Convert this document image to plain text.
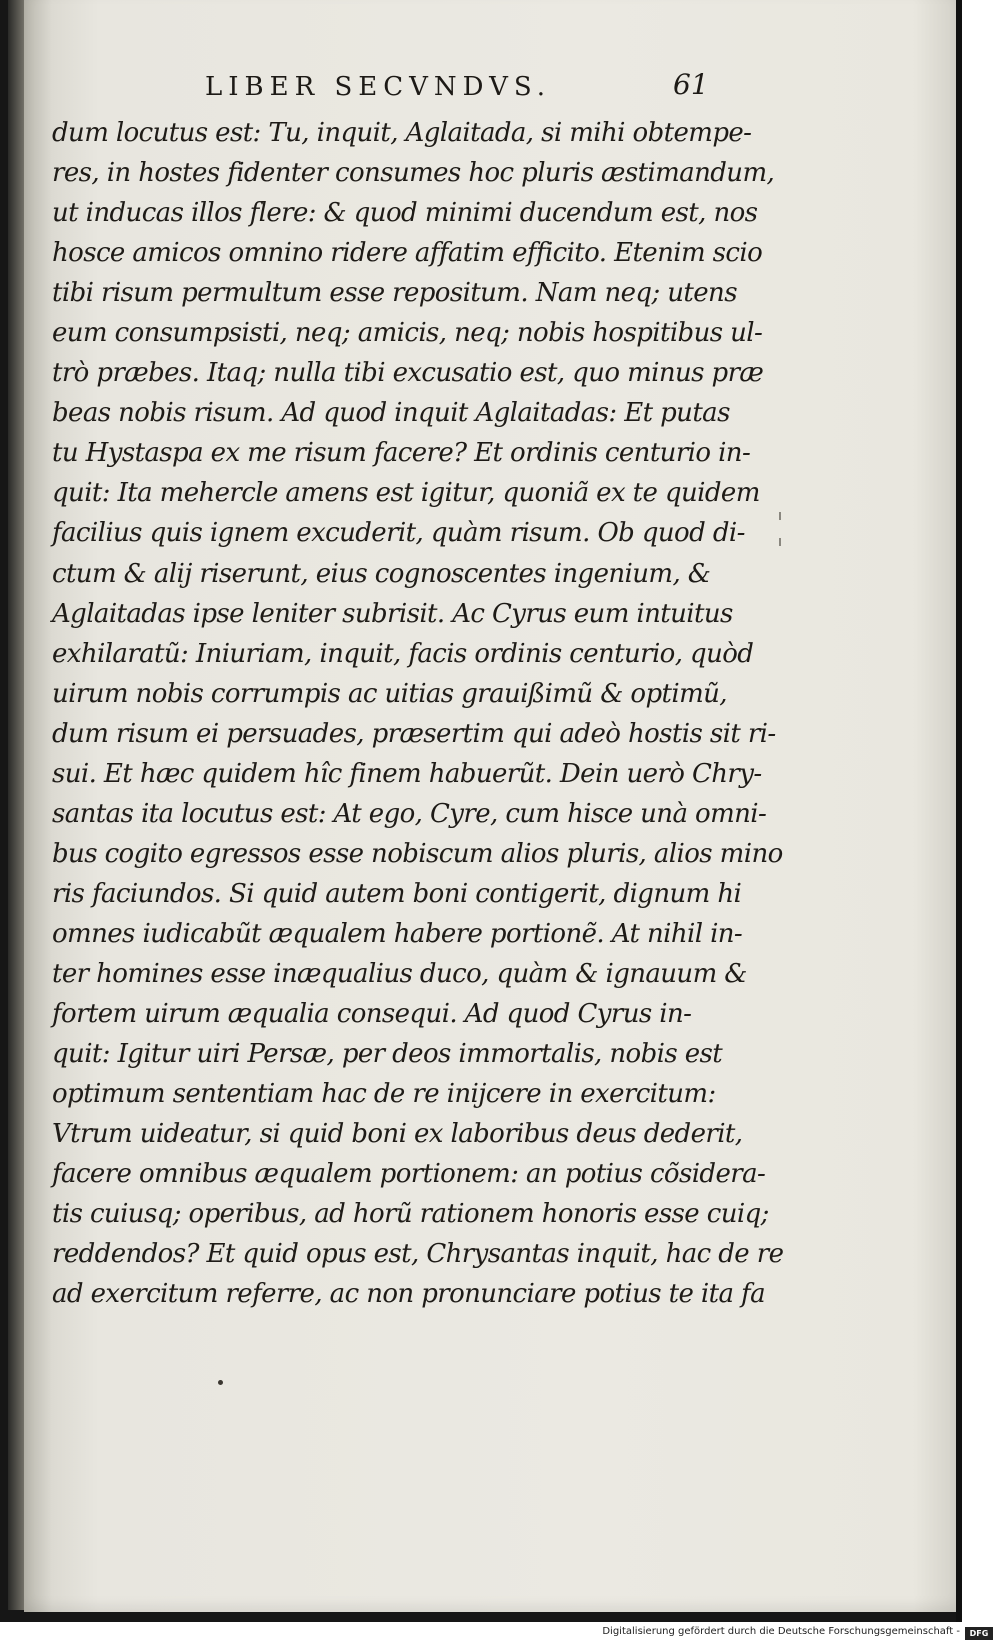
LIBER SECVNDVS.	61
dum locutus est: Tu, inquit, Aglaitada, si mihi obtempe-
res, in hostes fidenter consumes hoc pluris æstimandum,
ut inducas illos flere: & quod minimi ducendum est, nos
hosce amicos omnino ridere affatim efficito. Etenim scio
tibi risum permultum esse repositum. Nam neq; utens
eum consumpsisti, neq; amicis, neq; nobis hospitibus ul-
trò præbes. Itaq; nulla tibi excusatio est, quo minus præ
beas nobis risum. Ad quod inquit Aglaitadas: Et putas
tu Hystaspa ex me risum facere? Et ordinis centurio in-
quit: Ita mehercle amens est igitur, quoniã ex te quidem
facilius quis ignem excuderit, quàm risum. Ob quod di-
ctum & alij riserunt, eius cognoscentes ingenium, &
Aglaitadas ipse leniter subrisit. Ac Cyrus eum intuitus
exhilaratũ: Iniuriam, inquit, facis ordinis centurio, quòd
uirum nobis corrumpis ac uitias grauißimũ & optimũ,
dum risum ei persuades, præsertim qui adeò hostis sit ri-
sui. Et hæc quidem hîc finem habuerũt. Dein uerò Chry-
santas ita locutus est: At ego, Cyre, cum hisce unà omni-
bus cogito egressos esse nobiscum alios pluris, alios mino
ris faciundos. Si quid autem boni contigerit, dignum hi
omnes iudicabũt æqualem habere portionẽ. At nihil in-
ter homines esse inæqualius duco, quàm & ignauum &
fortem uirum æqualia consequi. Ad quod Cyrus in-
quit: Igitur uiri Persæ, per deos immortalis, nobis est
optimum sententiam hac de re inijcere in exercitum:
Vtrum uideatur, si quid boni ex laboribus deus dederit,
facere omnibus æqualem portionem: an potius cõsidera-
tis cuiusq; operibus, ad horũ rationem honoris esse cuiq;
reddendos? Et quid opus est, Chrysantas inquit, hac de re
ad exercitum referre, ac non pronunciare potius te ita fa
Digitalisierung gefördert durch die Deutsche Forschungsgemeinschaft -	DFG
